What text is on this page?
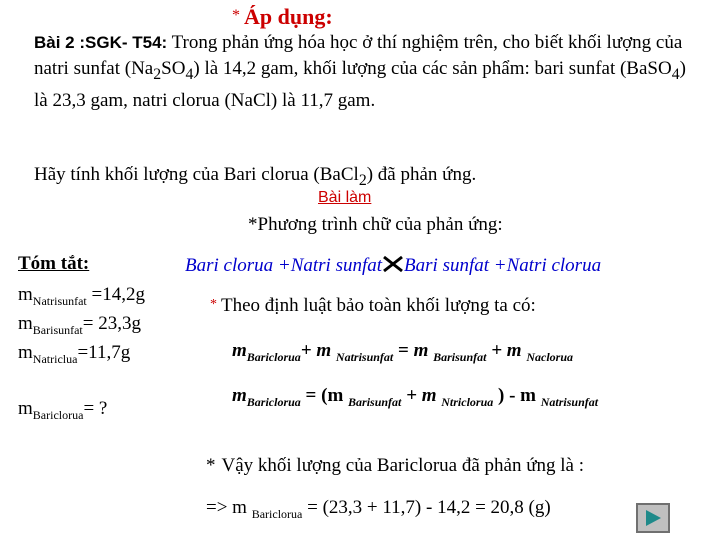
* Áp dụng:
Bài 2 :SGK- T54: Trong phản ứng hóa học ở thí nghiệm trên, cho biết khối lượng của natri sunfat $(Na_2SO_4)$ là 14,2 gam, khối lượng của các sản phẩm: bari sunfat (BaSO$_4$) là 23,3 gam, natri clorua (NaCl) là 11,7 gam.
Hãy tính khối lượng của Bari clorua (BaCl$_2$) đã phản ứng.
Bài làm
*Phương trình chữ của phản ứng:
Tóm tắt:	Bari clorua +Natri sunfat Bari sunfat +Natri clorua
$m_{Natrisunfat} =14,2g$
$m_{Barisunfat}= 23,3g$
$m_{Natriclua}=11,7g$
$m_{Bariclorua}=$ ?
* Theo định luật bảo toàn khối lượng ta có:
$m_{Bariclorua}+ m$ $_{Natrisunfat}$ = m $_{Barisunfat}$ + m $_{Naclorua}$
$m_{Bariclorua} = (m$ $_{Barisunfat}$ + m $_{Ntriclorua}$ ) - m $_{Natrisunfat}$
* Vậy khối lượng của Bariclorua đã phản ứng là :
=> m $_{Bariclorua}$ = (23,3 + 11,7) - 14,2 = 20,8 (g)
